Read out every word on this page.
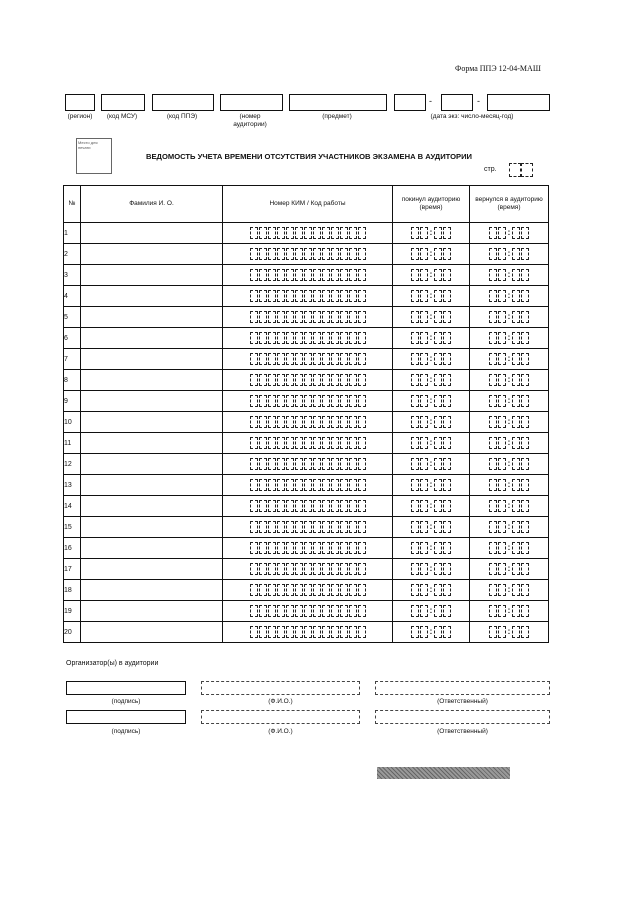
Форма ППЭ 12-04-МАШ
-	-
(регион)	(код МСУ)	(код ППЭ)	(номер аудитории)
(предмет)	(дата экз: число-месяц-год)
Место для печати
ВЕДОМОСТЬ УЧЕТА ВРЕМЕНИ ОТСУТСТВИЯ УЧАСТНИКОВ ЭКЗАМЕНА В АУДИТОРИИ
стр.
№	Фамилия И. О.	Номер КИМ / Код работы	покинул аудиторию (время)	вернулся в аудиторию (время)
1			:	:

2			:	:

3			:	:

4			:	:

5			:	:

6			:	:

7			:	:

8			:	:

9			:	:

10			:	:

11			:	:

12			:	:

13			:	:

14			:	:

15			:	:

16			:	:

17			:	:

18			:	:

19			:	:

20			:	:
Организатор(ы) в аудитории
(подпись)	(Ф.И.О.)	(Ответственный)
(подпись)	(Ф.И.О.)	(Ответственный)
